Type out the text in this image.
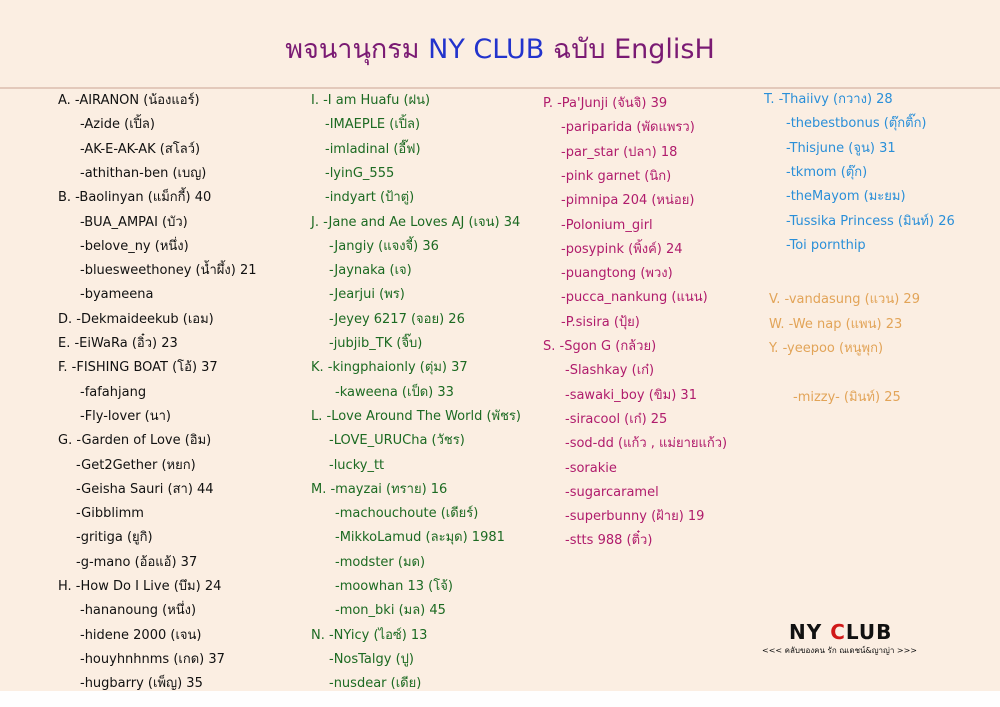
พจนานุกรม NY CLUB ฉบับ EnglisH
A. -AIRANON (น้องแอร์)
-Azide (เปิ้ล)
-AK-E-AK-AK (สโลว์)
-athithan-ben (เบญ)
B. -Baolinyan (แม็กกี้) 40
-BUA_AMPAI (บัว)
-belove_ny (หนึ่ง)
-bluesweethoney (น้ำผึ้ง) 21
-byameena
D. -Dekmaideekub (เอม)
E. -EiWaRa (อิ๋ว) 23
F. -FISHING BOAT (โอ้) 37
-fafahjang
-Fly-lover (นา)
G. -Garden of Love (อิม)
-Get2Gether (หยก)
-Geisha Sauri (สา) 44
-Gibblimm
-gritiga (ยูกิ)
-g-mano (อ้อแอ้) 37
H. -How Do I Live (บึม) 24
-hananoung (หนึ่ง)
-hidene 2000 (เจน)
-houyhnhnms (เกด) 37
-hugbarry (เพ็ญ) 35
I. -I am Huafu (ฝน)
-IMAEPLE (เปิ้ล)
-imladinal (อี๊ฟ)
-lyinG_555
-indyart (ป้าตู่)
J. -Jane and Ae Loves AJ (เจน) 34
-Jangiy (แจงจี้) 36
-Jaynaka (เจ)
-Jearjui (พร)
-Jeyey 6217 (จอย) 26
-jubjib_TK (จิ๊บ)
K. -kingphaionly (ตุ่ม) 37
-kaweena (เป็ด) 33
L. -Love Around The World (พัชร)
-LOVE_URUCha (วัชร)
-lucky_tt
M. -mayzai (ทราย) 16
-machouchoute (เดียร์)
-MikkoLamud (ละมุด) 1981
-modster (มด)
-moowhan 13 (โจ้)
-mon_bki (มล) 45
N. -NYicy (ไอซ์) 13
-NosTalgy (ปู)
-nusdear (เดีย)
P. -Pa'Junji (จันจิ) 39
-pariparida (พัดแพรว)
-par_star (ปลา) 18
-pink garnet (นิก)
-pimnipa 204 (หน่อย)
-Polonium_girl
-posypink (พิ้งค์) 24
-puangtong (พวง)
-pucca_nankung (แนน)
-P.sisira (ปุ้ย)
S. -Sgon G (กล้วย)
-Slashkay (เก๋)
-sawaki_boy (ขิม) 31
-siracool (เก๋) 25
-sod-dd (แก้ว , แม่ยายแก้ว)
-sorakie
-sugarcaramel
-superbunny (ฝ้าย) 19
-stts 988 (ติ๋ว)
T. -Thaiivy (กวาง) 28
-thebestbonus (ตุ๊กติ๊ก)
-Thisjune (จูน) 31
-tkmom (ตุ๊ก)
-theMayom (มะยม)
-Tussika Princess (มินท์) 26
-Toi pornthip
V. -vandasung (แวน) 29
W. -We nap (แพน) 23
Y. -yeepoo (หนูพุก)
-mizzy- (มินท์) 25
NY CLUB
<<< คลับของคน รัก ณเดชน์&ญาญ่า >>>
